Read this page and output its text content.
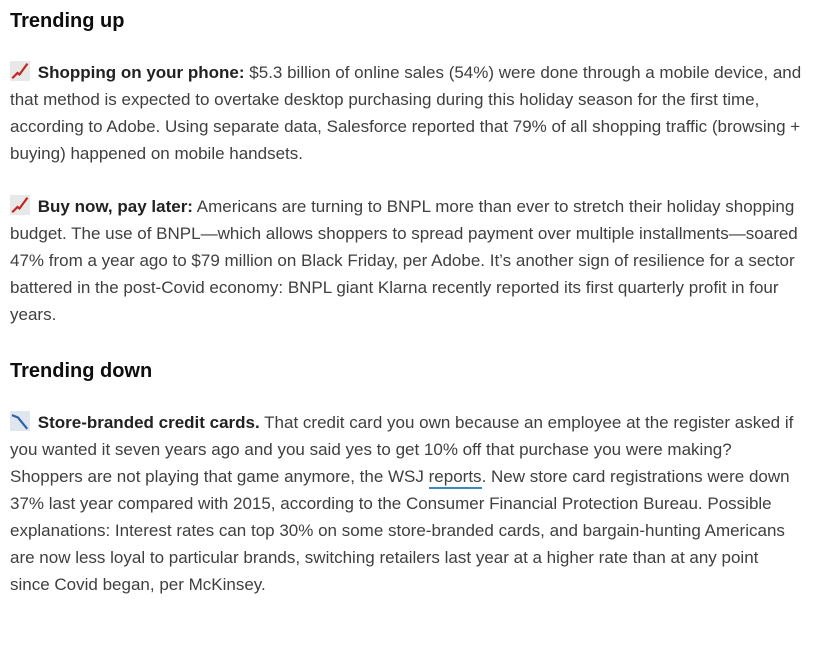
Trending up

Shopping on your phone: $5.3 billion of online sales (54%) were done through a mobile device, and that method is expected to overtake desktop purchasing during this holiday season for the first time, according to Adobe. Using separate data, Salesforce reported that 79% of all shopping traffic (browsing + buying) happened on mobile handsets.

Buy now, pay later: Americans are turning to BNPL more than ever to stretch their holiday shopping budget. The use of BNPL—which allows shoppers to spread payment over multiple installments—soared 47% from a year ago to $79 million on Black Friday, per Adobe. It’s another sign of resilience for a sector battered in the post-Covid economy: BNPL giant Klarna recently reported its first quarterly profit in four years.

Trending down

Store-branded credit cards. That credit card you own because an employee at the register asked if you wanted it seven years ago and you said yes to get 10% off that purchase you were making? Shoppers are not playing that game anymore, the WSJ reports. New store card registrations were down 37% last year compared with 2015, according to the Consumer Financial Protection Bureau. Possible explanations: Interest rates can top 30% on some store-branded cards, and bargain-hunting Americans are now less loyal to particular brands, switching retailers last year at a higher rate than at any point since Covid began, per McKinsey.
